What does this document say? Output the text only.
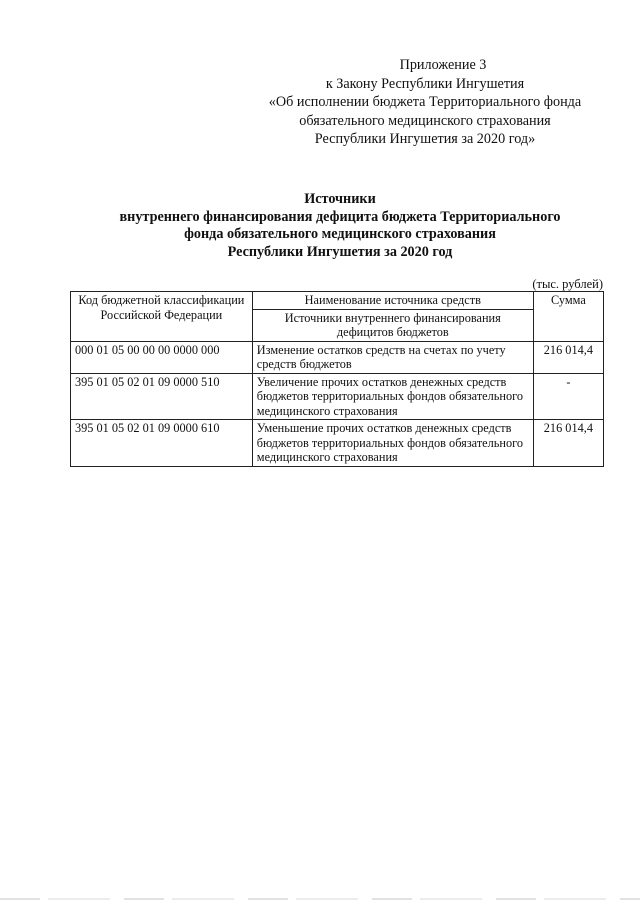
Приложение 3
к Закону Республики Ингушетия
«Об исполнении бюджета Территориального фонда
обязательного медицинского страхования
Республики Ингушетия за 2020 год»
Источники
внутреннего финансирования дефицита бюджета Территориального
фонда обязательного медицинского страхования
Республики Ингушетия за 2020 год
(тыс. рублей)
Код бюджетной классификации Российской Федерации	Наименование источника средств	Сумма
	Источники внутреннего финансирования дефицитов бюджетов	
000 01 05 00 00 00 0000 000	Изменение остатков средств на счетах по учету средств бюджетов	216 014,4
395 01 05 02 01 09 0000 510	Увеличение прочих остатков денежных средств бюджетов территориальных фондов обязательного медицинского страхования	-
395 01 05 02 01 09 0000 610	Уменьшение прочих остатков денежных средств бюджетов территориальных фондов обязательного медицинского страхования	216 014,4
